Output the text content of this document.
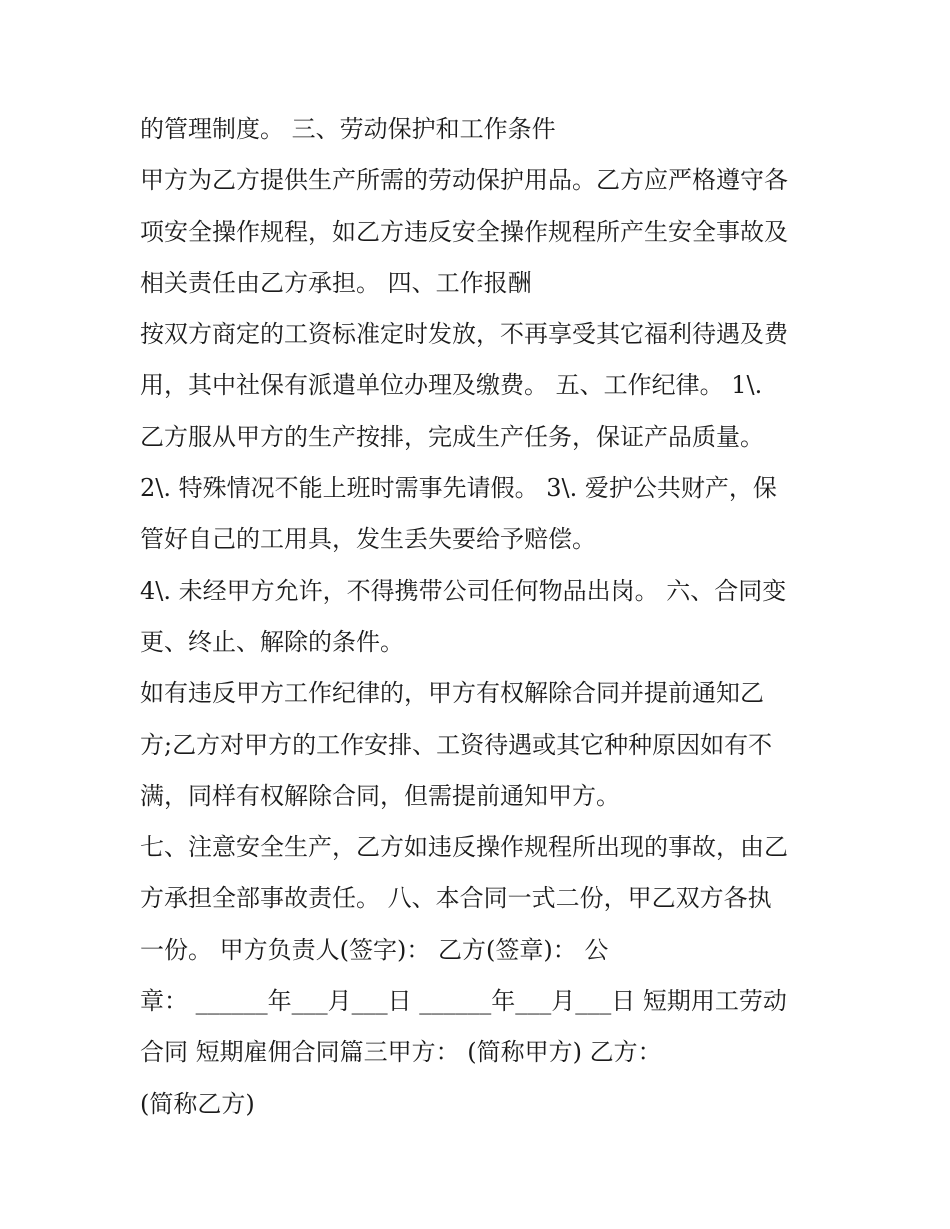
的管理制度。 三、劳动保护和工作条件
甲方为乙方提供生产所需的劳动保护用品。乙方应严格遵守各
项安全操作规程，如乙方违反安全操作规程所产生安全事故及
相关责任由乙方承担。 四、工作报酬
按双方商定的工资标准定时发放，不再享受其它福利待遇及费
用，其中社保有派遣单位办理及缴费。 五、工作纪律。 1\.
乙方服从甲方的生产按排，完成生产任务，保证产品质量。
2\. 特殊情况不能上班时需事先请假。 3\. 爱护公共财产，保
管好自己的工用具，发生丢失要给予赔偿。
4\. 未经甲方允许，不得携带公司任何物品出岗。 六、合同变
更、终止、解除的条件。
如有违反甲方工作纪律的，甲方有权解除合同并提前通知乙
方;乙方对甲方的工作安排、工资待遇或其它种种原因如有不
满，同样有权解除合同，但需提前通知甲方。
七、注意安全生产，乙方如违反操作规程所出现的事故，由乙
方承担全部事故责任。 八、本合同一式二份，甲乙双方各执
一份。 甲方负责人(签字)： 乙方(签章)： 公
章： ______年___月___日 ______年___月___日 短期用工劳动
合同 短期雇佣合同篇三甲方： (简称甲方) 乙方：
(简称乙方)
